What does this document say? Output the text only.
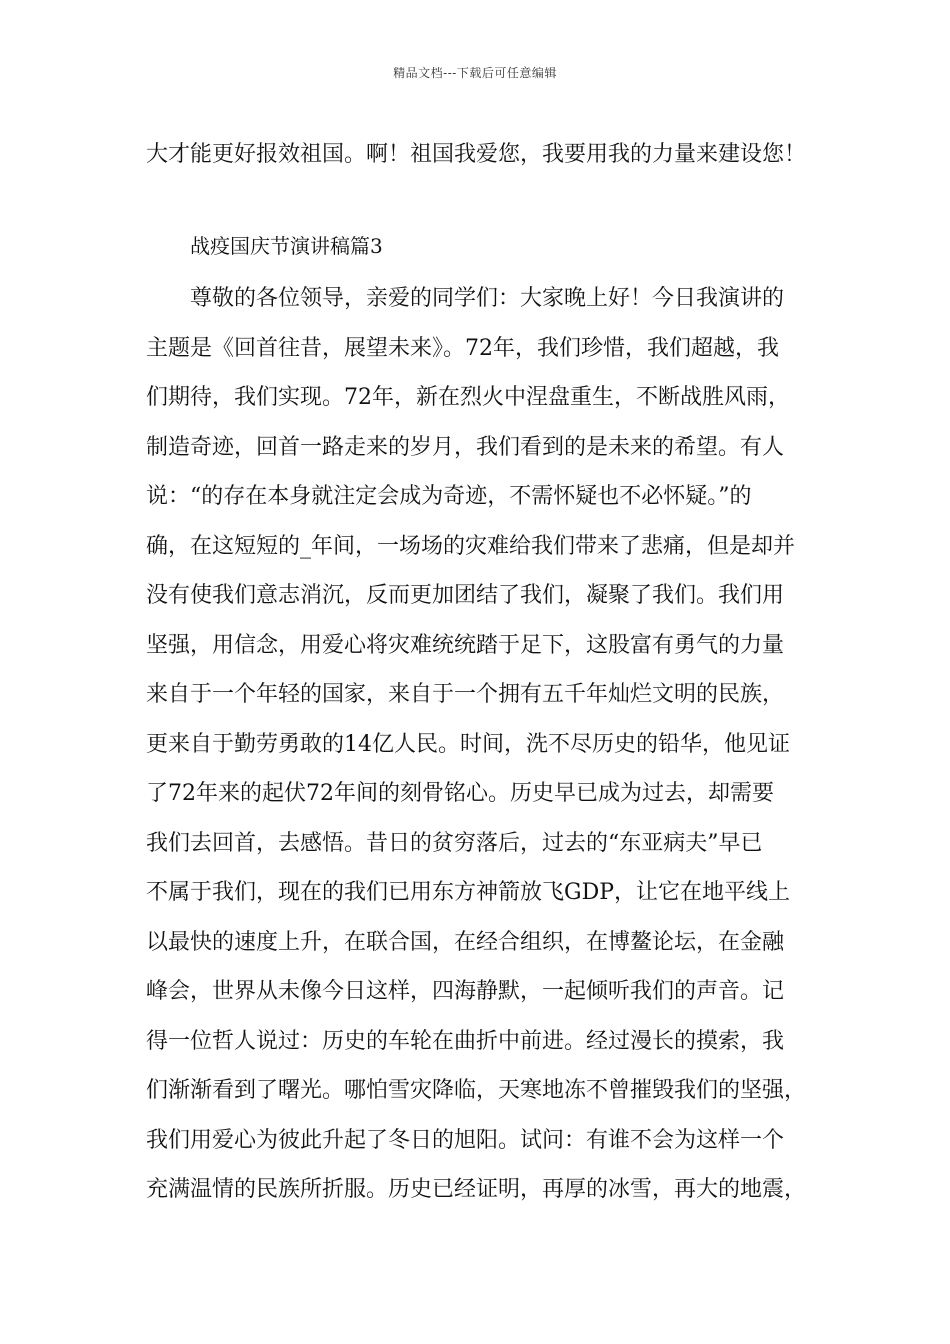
精品文档---下载后可任意编辑
大才能更好报效祖国。啊！祖国我爱您，我要用我的力量来建设您！
战疫国庆节演讲稿篇3
尊敬的各位领导，亲爱的同学们：大家晚上好！今日我演讲的
主题是《回首往昔，展望未来》。72年，我们珍惜，我们超越，我
们期待，我们实现。72年，新在烈火中涅盘重生，不断战胜风雨，
制造奇迹，回首一路走来的岁月，我们看到的是未来的希望。有人
说：“的存在本身就注定会成为奇迹，不需怀疑也不必怀疑。”的
确，在这短短的_年间，一场场的灾难给我们带来了悲痛，但是却并
没有使我们意志消沉，反而更加团结了我们，凝聚了我们。我们用
坚强，用信念，用爱心将灾难统统踏于足下，这股富有勇气的力量
来自于一个年轻的国家，来自于一个拥有五千年灿烂文明的民族，
更来自于勤劳勇敢的14亿人民。时间，洗不尽历史的铅华，他见证
了72年来的起伏72年间的刻骨铭心。历史早已成为过去，却需要
我们去回首，去感悟。昔日的贫穷落后，过去的“东亚病夫”早已
不属于我们，现在的我们已用东方神箭放飞GDP，让它在地平线上
以最快的速度上升，在联合国，在经合组织，在博鳌论坛，在金融
峰会，世界从未像今日这样，四海静默，一起倾听我们的声音。记
得一位哲人说过：历史的车轮在曲折中前进。经过漫长的摸索，我
们渐渐看到了曙光。哪怕雪灾降临，天寒地冻不曾摧毁我们的坚强，
我们用爱心为彼此升起了冬日的旭阳。试问：有谁不会为这样一个
充满温情的民族所折服。历史已经证明，再厚的冰雪，再大的地震，
